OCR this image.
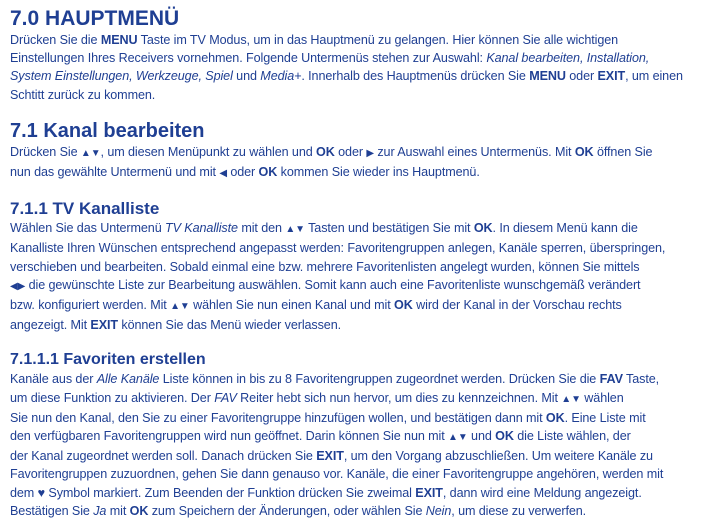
7.0 HAUPTMENÜ

Drücken Sie die MENU Taste im TV Modus, um in das Hauptmenü zu gelangen. Hier können Sie alle wichtigen
Einstellungen Ihres Receivers vornehmen. Folgende Untermenüs stehen zur Auswahl: Kanal bearbeiten, Installation,
System Einstellungen, Werkzeuge, Spiel und Media+. Innerhalb des Hauptmenüs drücken Sie MENU oder EXIT, um einen
Schtitt zurück zu kommen.

7.1 Kanal bearbeiten

Drücken Sie ▲▼, um diesen Menüpunkt zu wählen und OK oder ▶ zur Auswahl eines Untermenüs. Mit OK öffnen Sie
nun das gewählte Untermenü und mit ◀ oder OK kommen Sie wieder ins Hauptmenü.

7.1.1 TV Kanalliste

Wählen Sie das Untermenü TV Kanalliste mit den ▲▼ Tasten und bestätigen Sie mit OK. In diesem Menü kann die
Kanalliste Ihren Wünschen entsprechend angepasst werden: Favoritengruppen anlegen, Kanäle sperren, überspringen,
verschieben und bearbeiten. Sobald einmal eine bzw. mehrere Favoritenlisten angelegt wurden, können Sie mittels
◀▶ die gewünschte Liste zur Bearbeitung auswählen. Somit kann auch eine Favoritenliste wunschgemäß verändert
bzw. konfiguriert werden. Mit ▲▼ wählen Sie nun einen Kanal und mit OK wird der Kanal in der Vorschau rechts
angezeigt. Mit EXIT können Sie das Menü wieder verlassen.

7.1.1.1 Favoriten erstellen

Kanäle aus der Alle Kanäle Liste können in bis zu 8 Favoritengruppen zugeordnet werden. Drücken Sie die FAV Taste,
um diese Funktion zu aktivieren. Der FAV Reiter hebt sich nun hervor, um dies zu kennzeichnen. Mit ▲▼ wählen
Sie nun den Kanal, den Sie zu einer Favoritengruppe hinzufügen wollen, und bestätigen dann mit OK. Eine Liste mit
den verfügbaren Favoritengruppen wird nun geöffnet. Darin können Sie nun mit ▲▼ und OK die Liste wählen, der
der Kanal zugeordnet werden soll. Danach drücken Sie EXIT, um den Vorgang abzuschließen. Um weitere Kanäle zu
Favoritengruppen zuzuordnen, gehen Sie dann genauso vor. Kanäle, die einer Favoritengruppe angehören, werden mit
dem ♥ Symbol markiert. Zum Beenden der Funktion drücken Sie zweimal EXIT, dann wird eine Meldung angezeigt.
Bestätigen Sie Ja mit OK zum Speichern der Änderungen, oder wählen Sie Nein, um diese zu verwerfen.
